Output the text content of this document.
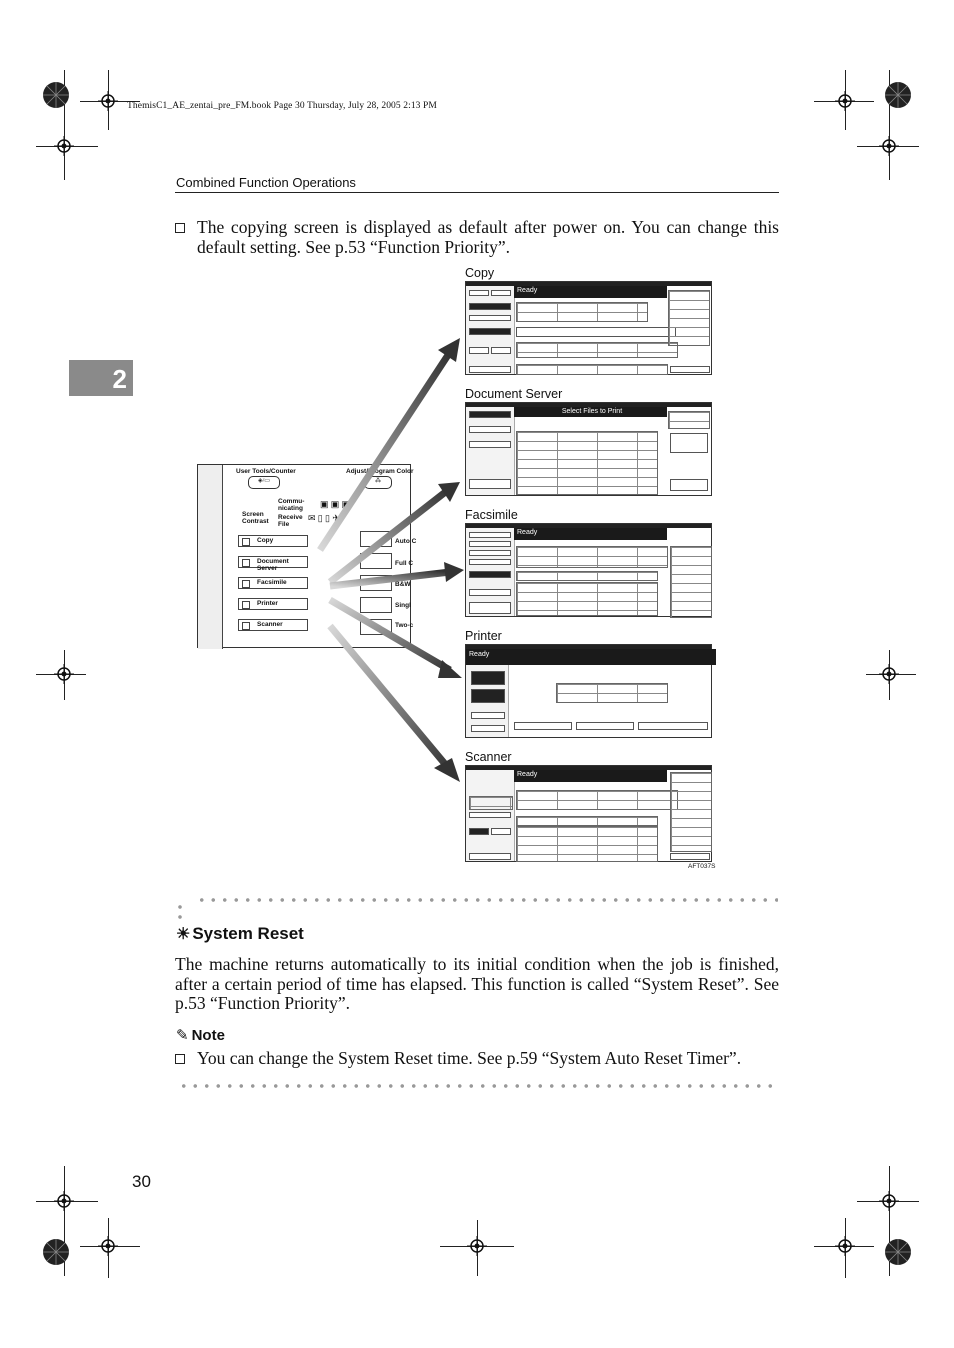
ThemisC1_AE_zentai_pre_FM.book Page 30 Thursday, July 28, 2005 2:13 PM
Combined Function Operations
2
The copying screen is displayed as default after power on. You can change this default setting. See p.53 “Function Priority”.
User Tools/Counter	Adjust/Program Color
◈/▭	⁂
Screen Contrast
Commu- nicating
Receive File
▣ ▣ ▣
✉ ▯ ▯ ✈
Copy
Document Server
Facsimile
Printer
Scanner
Auto C
Full C
B&W
Singl
Two-c
Copy
Ready
Document Server
Select Files to Print
Facsimile
Ready
Printer
Ready
Scanner
Ready
AFT037S
☀ System Reset
The machine returns automatically to its initial condition when the job is finished, after a certain period of time has elapsed. This function is called “System Reset”. See p.53 “Function Priority”.
✎ Note
You can change the System Reset time. See p.59 “System Auto Reset Timer”.
30
